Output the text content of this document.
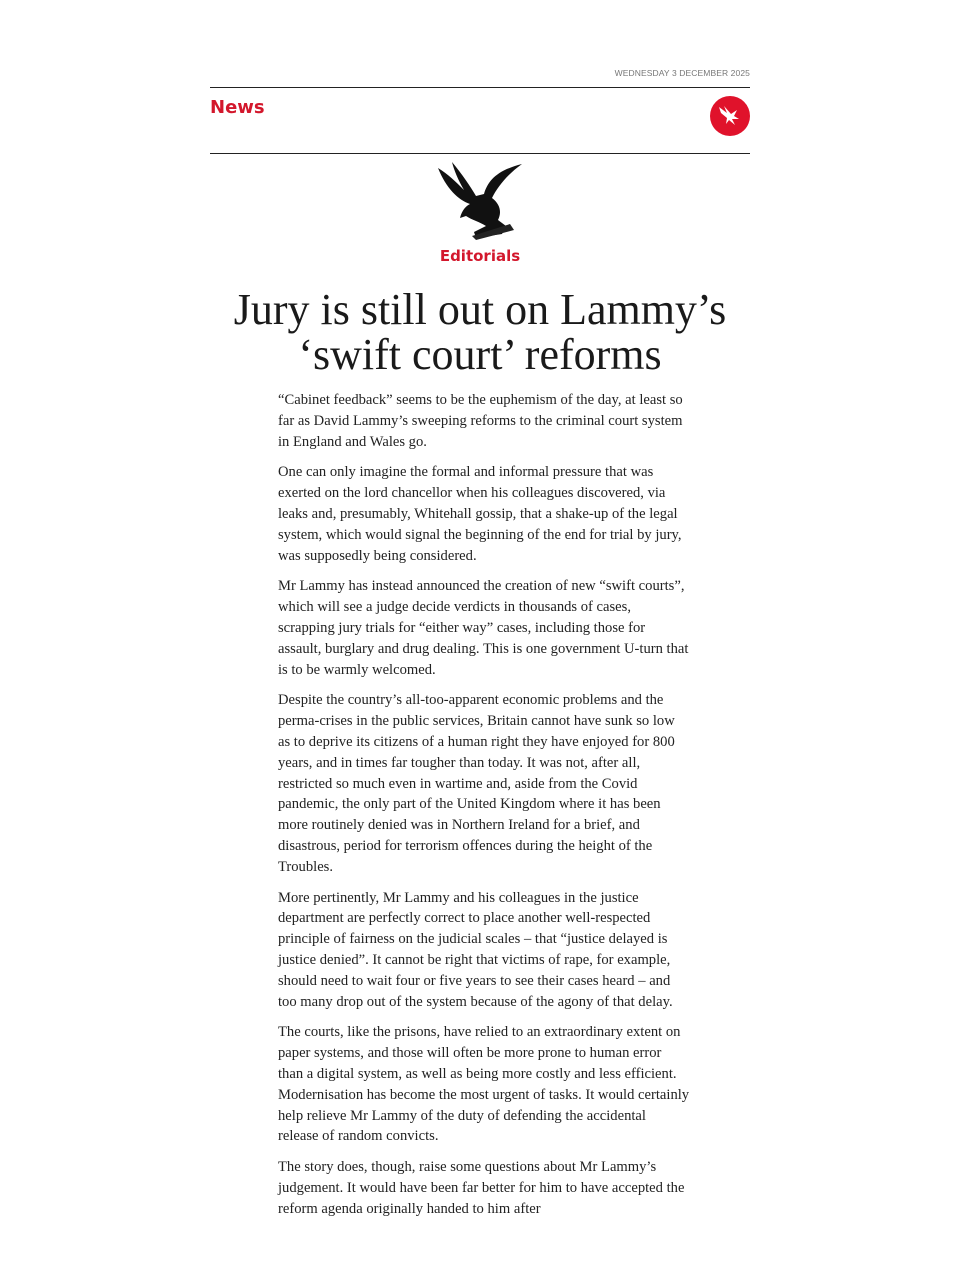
WEDNESDAY 3 DECEMBER 2025
News
Editorials
Jury is still out on Lammy’s
‘swift court’ reforms

“Cabinet feedback” seems to be the euphemism of the day, at least so far as David Lammy’s sweeping reforms to the criminal court system in England and Wales go.

One can only imagine the formal and informal pressure that was exerted on the lord chancellor when his colleagues discovered, via leaks and, presumably, Whitehall gossip, that a shake-up of the legal system, which would signal the beginning of the end for trial by jury, was supposedly being considered.

Mr Lammy has instead announced the creation of new “swift courts”, which will see a judge decide verdicts in thousands of cases, scrapping jury trials for “either way” cases, including those for assault, burglary and drug dealing. This is one government U-turn that is to be warmly welcomed.

Despite the country’s all-too-apparent economic problems and the perma-crises in the public services, Britain cannot have sunk so low as to deprive its citizens of a human right they have enjoyed for 800 years, and in times far tougher than today. It was not, after all, restricted so much even in wartime and, aside from the Covid pandemic, the only part of the United Kingdom where it has been more routinely denied was in Northern Ireland for a brief, and disastrous, period for terrorism offences during the height of the Troubles.

More pertinently, Mr Lammy and his colleagues in the justice department are perfectly correct to place another well-respected principle of fairness on the judicial scales – that “justice delayed is justice denied”. It cannot be right that victims of rape, for example, should need to wait four or five years to see their cases heard – and too many drop out of the system because of the agony of that delay.

The courts, like the prisons, have relied to an extraordinary extent on paper systems, and those will often be more prone to human error than a digital system, as well as being more costly and less efficient. Modernisation has become the most urgent of tasks. It would certainly help relieve Mr Lammy of the duty of defending the accidental release of random convicts.

The story does, though, raise some questions about Mr Lammy’s judgement. It would have been far better for him to have accepted the reform agenda originally handed to him after
